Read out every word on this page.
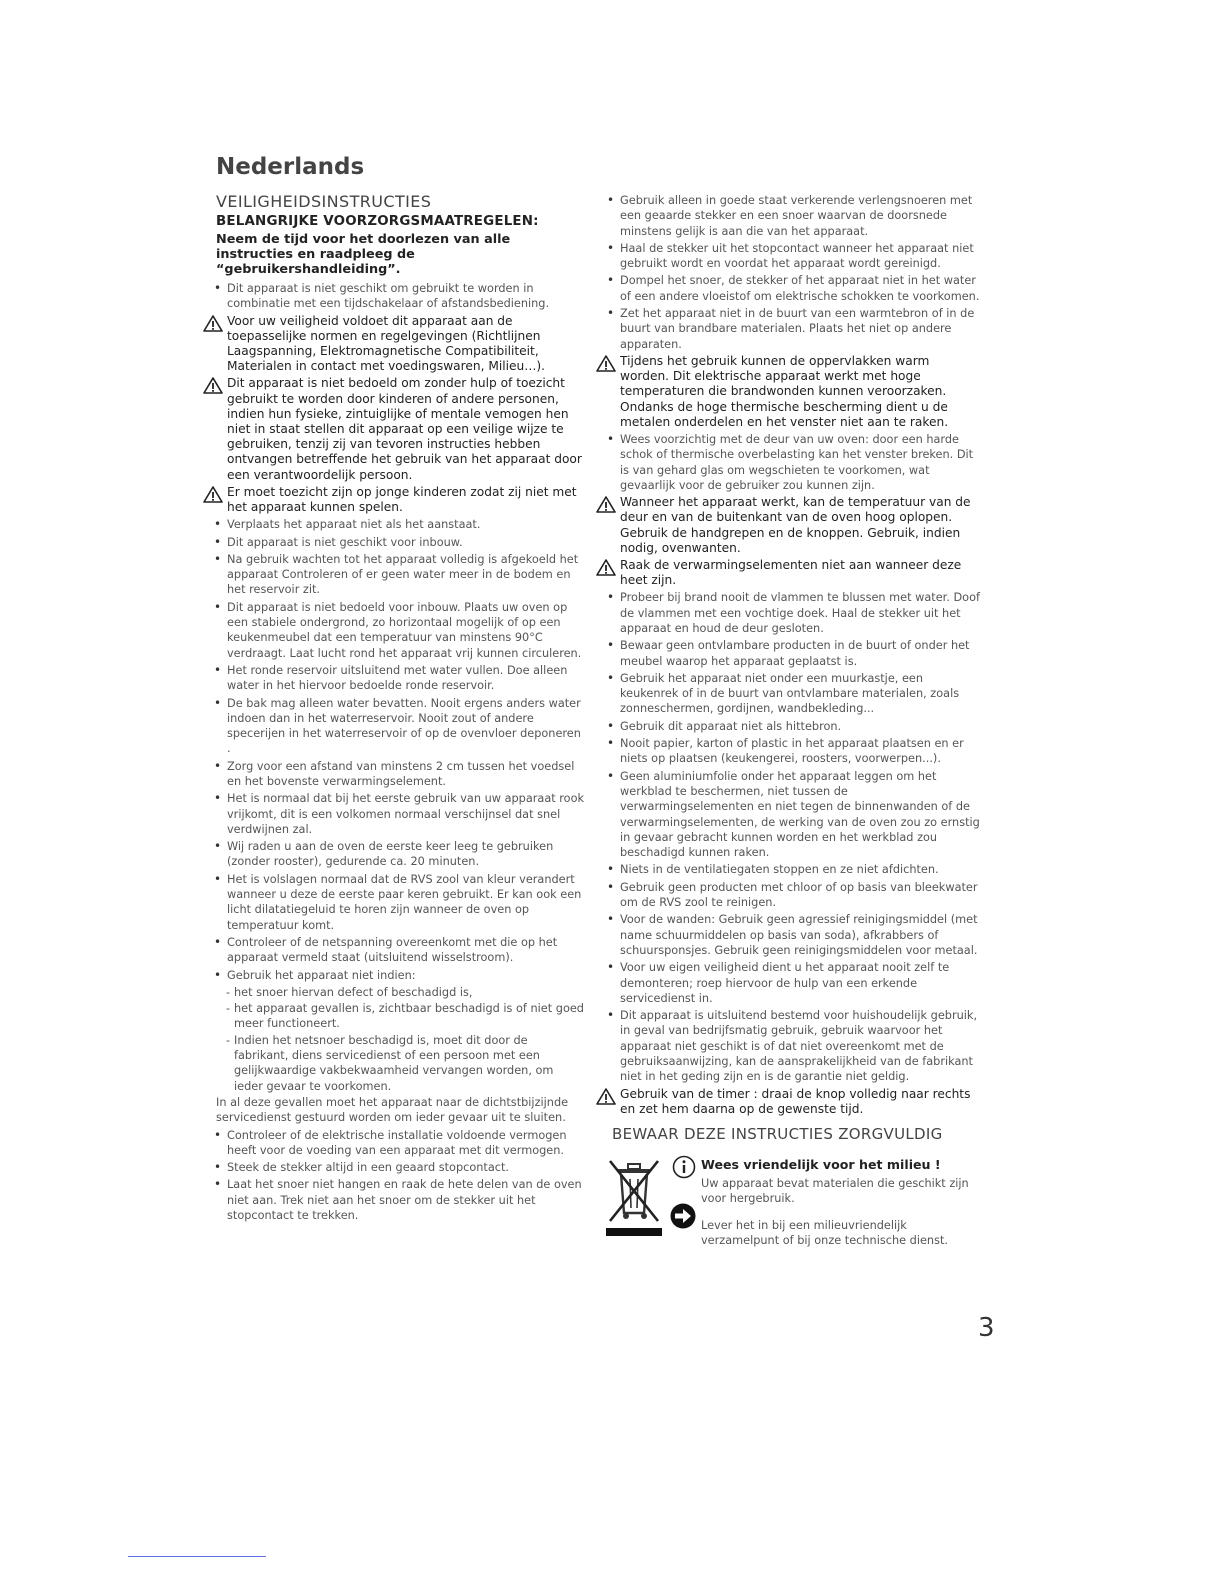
Nederlands
VEILIGHEIDSINSTRUCTIES
BELANGRIJKE VOORZORGSMAATREGELEN:
Neem de tijd voor het doorlezen van alle instructies en raadpleeg de “gebruikershandleiding”.
• Dit apparaat is niet geschikt om gebruikt te worden in combinatie met een tijdschakelaar of afstandsbediening.
Voor uw veiligheid voldoet dit apparaat aan de toepasselijke normen en regelgevingen (Richtlijnen Laagspanning, Elektromagnetische Compatibiliteit, Materialen in contact met voedingswaren, Milieu…).
Dit apparaat is niet bedoeld om zonder hulp of toezicht gebruikt te worden door kinderen of andere personen, indien hun fysieke, zintuiglijke of mentale vemogen hen niet in staat stellen dit apparaat op een veilige wijze te gebruiken, tenzij zij van tevoren instructies hebben ontvangen betreffende het gebruik van het apparaat door een verantwoordelijk persoon.
Er moet toezicht zijn op jonge kinderen zodat zij niet met het apparaat kunnen spelen.
• Verplaats het apparaat niet als het aanstaat.
• Dit apparaat is niet geschikt voor inbouw.
• Na gebruik wachten tot het apparaat volledig is afgekoeld het apparaat Controleren of er geen water meer in de bodem en het reservoir zit.
• Dit apparaat is niet bedoeld voor inbouw. Plaats uw oven op een stabiele ondergrond, zo horizontaal mogelijk of op een keukenmeubel dat een temperatuur van minstens 90°C verdraagt. Laat lucht rond het apparaat vrij kunnen circuleren.
• Het ronde reservoir uitsluitend met water vullen. Doe alleen water in het hiervoor bedoelde ronde reservoir.
• De bak mag alleen water bevatten. Nooit ergens anders water indoen dan in het waterreservoir. Nooit zout of andere specerijen in het waterreservoir of op de ovenvloer deponeren .
• Zorg voor een afstand van minstens 2 cm tussen het voedsel en het bovenste verwarmingselement.
• Het is normaal dat bij het eerste gebruik van uw apparaat rook vrijkomt, dit is een volkomen normaal verschijnsel dat snel verdwijnen zal.
• Wij raden u aan de oven de eerste keer leeg te gebruiken (zonder rooster), gedurende ca. 20 minuten.
• Het is volslagen normaal dat de RVS zool van kleur verandert wanneer u deze de eerste paar keren gebruikt. Er kan ook een licht dilatatiegeluid te horen zijn wanneer de oven op temperatuur komt.
• Controleer of de netspanning overeenkomt met die op het apparaat vermeld staat (uitsluitend wisselstroom).
• Gebruik het apparaat niet indien:
- het snoer hiervan defect of beschadigd is,
- het apparaat gevallen is, zichtbaar beschadigd is of niet goed meer functioneert.
- Indien het netsnoer beschadigd is, moet dit door de fabrikant, diens servicedienst of een persoon met een gelijkwaardige vakbekwaamheid vervangen worden, om ieder gevaar te voorkomen.
In al deze gevallen moet het apparaat naar de dichtstbijzijnde servicedienst gestuurd worden om ieder gevaar uit te sluiten.
• Controleer of de elektrische installatie voldoende vermogen heeft voor de voeding van een apparaat met dit vermogen.
• Steek de stekker altijd in een geaard stopcontact.
• Laat het snoer niet hangen en raak de hete delen van de oven niet aan. Trek niet aan het snoer om de stekker uit het stopcontact te trekken.
• Gebruik alleen in goede staat verkerende verlengsnoeren met een geaarde stekker en een snoer waarvan de doorsnede minstens gelijk is aan die van het apparaat.
• Haal de stekker uit het stopcontact wanneer het apparaat niet gebruikt wordt en voordat het apparaat wordt gereinigd.
• Dompel het snoer, de stekker of het apparaat niet in het water of een andere vloeistof om elektrische schokken te voorkomen.
• Zet het apparaat niet in de buurt van een warmtebron of in de buurt van brandbare materialen. Plaats het niet op andere apparaten.
Tijdens het gebruik kunnen de oppervlakken warm worden. Dit elektrische apparaat werkt met hoge temperaturen die brandwonden kunnen veroorzaken. Ondanks de hoge thermische bescherming dient u de metalen onderdelen en het venster niet aan te raken.
• Wees voorzichtig met de deur van uw oven: door een harde schok of thermische overbelasting kan het venster breken. Dit is van gehard glas om wegschieten te voorkomen, wat gevaarlijk voor de gebruiker zou kunnen zijn.
Wanneer het apparaat werkt, kan de temperatuur van de deur en van de buitenkant van de oven hoog oplopen. Gebruik de handgrepen en de knoppen. Gebruik, indien nodig, ovenwanten.
Raak de verwarmingselementen niet aan wanneer deze heet zijn.
• Probeer bij brand nooit de vlammen te blussen met water. Doof de vlammen met een vochtige doek. Haal de stekker uit het apparaat en houd de deur gesloten.
• Bewaar geen ontvlambare producten in de buurt of onder het meubel waarop het apparaat geplaatst is.
• Gebruik het apparaat niet onder een muurkastje, een keukenrek of in de buurt van ontvlambare materialen, zoals zonneschermen, gordijnen, wandbekleding...
• Gebruik dit apparaat niet als hittebron.
• Nooit papier, karton of plastic in het apparaat plaatsen en er niets op plaatsen (keukengerei, roosters, voorwerpen...).
• Geen aluminiumfolie onder het apparaat leggen om het werkblad te beschermen, niet tussen de verwarmingselementen en niet tegen de binnenwanden of de verwarmingselementen, de werking van de oven zou zo ernstig in gevaar gebracht kunnen worden en het werkblad zou beschadigd kunnen raken.
• Niets in de ventilatiegaten stoppen en ze niet afdichten.
• Gebruik geen producten met chloor of op basis van bleekwater om de RVS zool te reinigen.
• Voor de wanden: Gebruik geen agressief reinigingsmiddel (met name schuurmiddelen op basis van soda), afkrabbers of schuursponsjes. Gebruik geen reinigingsmiddelen voor metaal.
• Voor uw eigen veiligheid dient u het apparaat nooit zelf te demonteren; roep hiervoor de hulp van een erkende servicedienst in.
• Dit apparaat is uitsluitend bestemd voor huishoudelijk gebruik, in geval van bedrijfsmatig gebruik, gebruik waarvoor het apparaat niet geschikt is of dat niet overeenkomt met de gebruiksaanwijzing, kan de aansprakelijkheid van de fabrikant niet in het geding zijn en is de garantie niet geldig.
Gebruik van de timer : draai de knop volledig naar rechts en zet hem daarna op de gewenste tijd.
BEWAAR DEZE INSTRUCTIES ZORGVULDIG
Wees vriendelijk voor het milieu !
Uw apparaat bevat materialen die geschikt zijn voor hergebruik.
Lever het in bij een milieuvriendelijk verzamelpunt of bij onze technische dienst.
3
